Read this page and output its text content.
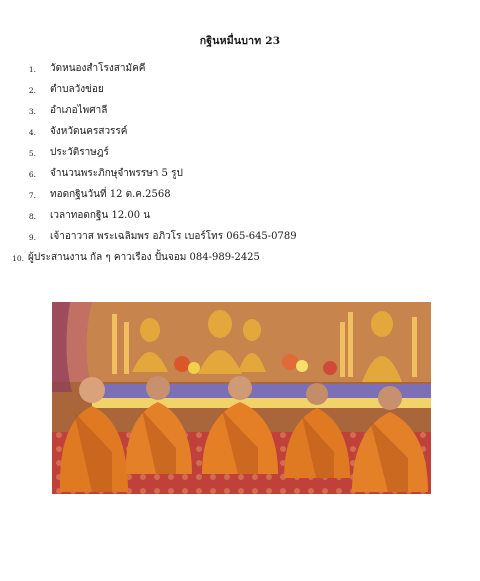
กฐินหมื่นบาท 23
1. วัดหนองสำโรงสามัคคี
2. ตำบลวังข่อย
3. อำเภอไพศาลี
4. จังหวัดนครสวรรค์
5. ประวัติราษฎร์
6. จำนวนพระภิกษุจำพรรษา 5 รูป
7. ทอดกฐินวันที่ 12 ต.ค.2568
8. เวลาทอดกฐิน 12.00 น
9. เจ้าอาวาส พระเฉลิมพร อภิวโร เบอร์โทร 065-645-0789
10. ผู้ประสานงาน กัล ๆ คาวเรือง ปั้นจอม 084-989-2425
